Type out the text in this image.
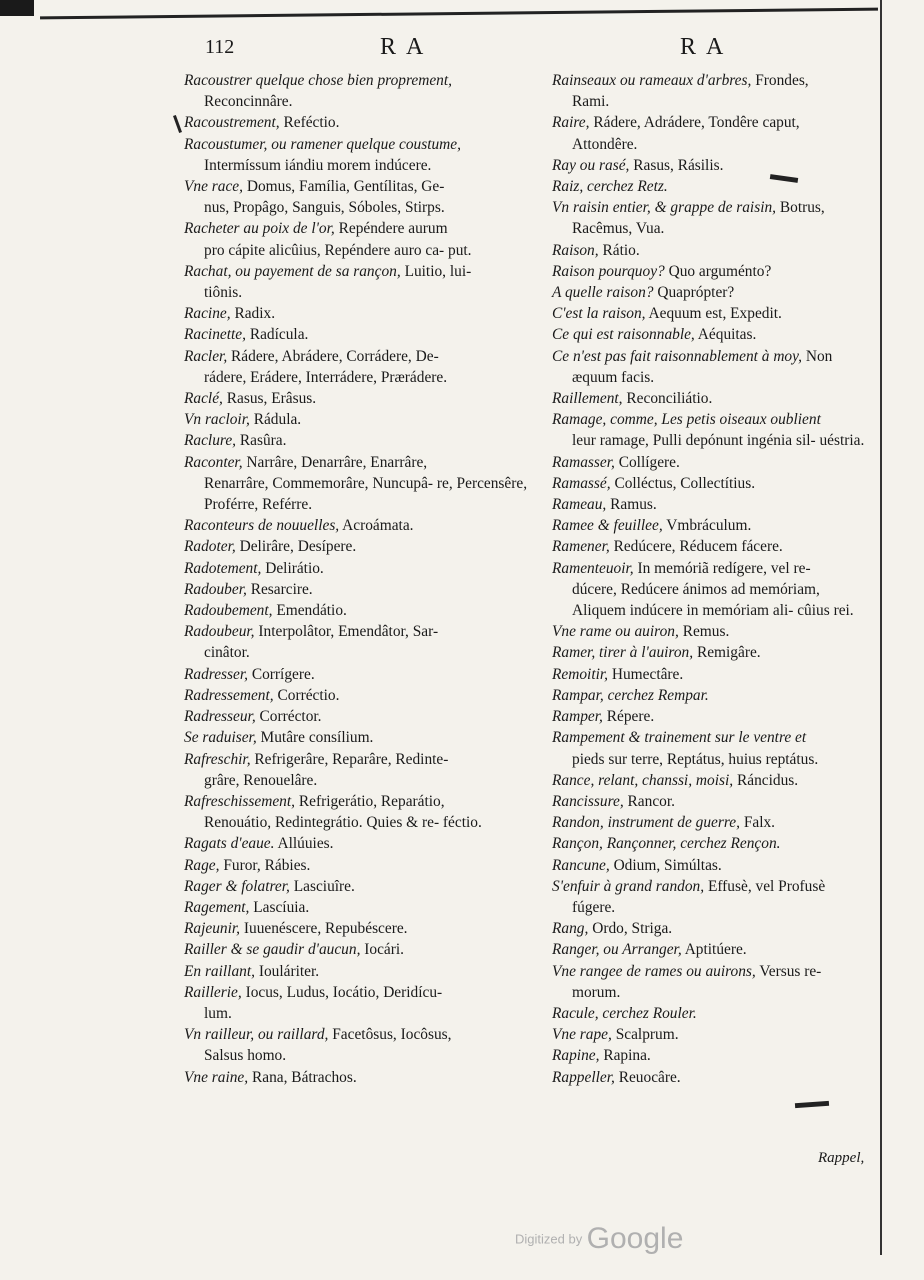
112	RA	RA

Racoustrer quelque chose bien proprement,
Reconcinnâre.

Racoustrement, Reféctio.

Racoustumer, ou ramener quelque coustume,
Intermíssum iándiu morem indúcere.

Vne race, Domus, Família, Gentílitas, Ge-
nus, Propâgo, Sanguis, Sóboles, Stirps.

Racheter au poix de l'or, Repéndere aurum
pro cápite alicûius, Repéndere auro ca- put.

Rachat, ou payement de sa rançon, Luitio, lui-
tiônis.

Racine, Radix.

Racinette, Radícula.

Racler, Rádere, Abrádere, Corrádere, De-
rádere, Erádere, Interrádere, Prærádere.

Raclé, Rasus, Erâsus.

Vn racloir, Rádula.

Raclure, Rasûra.

Raconter, Narrâre, Denarrâre, Enarrâre,
Renarrâre, Commemorâre, Nuncupâ- re, Percensêre, Proférre, Reférre.

Raconteurs de nouuelles, Acroámata.

Radoter, Delirâre, Desípere.

Radotement, Delirátio.

Radouber, Resarcire.

Radoubement, Emendátio.

Radoubeur, Interpolâtor, Emendâtor, Sar-
cinâtor.

Radresser, Corrígere.

Radressement, Corréctio.

Radresseur, Corréctor.

Se raduiser, Mutâre consílium.

Rafreschir, Refrigerâre, Reparâre, Redinte-
grâre, Renouelâre.

Rafreschissement, Refrigerátio, Reparátio,
Renouátio, Redintegrátio. Quies & re- féctio.

Ragats d'eaue. Allúuies.

Rage, Furor, Rábies.

Rager & folatrer, Lasciuîre.

Ragement, Lascíuia.

Rajeunir, Iuuenéscere, Repubéscere.

Railler & se gaudir d'aucun, Iocári.

En raillant, Iouláriter.

Raillerie, Iocus, Ludus, Iocátio, Deridícu-
lum.

Vn railleur, ou raillard, Facetôsus, Iocôsus,
Salsus homo.

Vne raine, Rana, Bátrachos.

Rainseaux ou rameaux d'arbres, Frondes,
Rami.

Raire, Rádere, Adrádere, Tondêre caput,
Attondêre.

Ray ou rasé, Rasus, Rásilis.

Raiz, cerchez Retz.

Vn raisin entier, & grappe de raisin, Botrus,
Racêmus, Vua.

Raison, Rátio.

Raison pourquoy? Quo arguménto?

A quelle raison? Quaprópter?

C'est la raison, Aequum est, Expedit.

Ce qui est raisonnable, Aéquitas.

Ce n'est pas fait raisonnablement à moy, Non
æquum facis.

Raillement, Reconciliátio.

Ramage, comme, Les petis oiseaux oublient
leur ramage, Pulli depónunt ingénia sil- uéstria.

Ramasser, Collígere.

Ramassé, Colléctus, Collectítius.

Rameau, Ramus.

Ramee & feuillee, Vmbráculum.

Ramener, Redúcere, Réducem fácere.

Ramenteuoir, In memóriã redígere, vel re-
dúcere, Redúcere ánimos ad memóriam, Aliquem indúcere in memóriam ali- cûius rei.

Vne rame ou auiron, Remus.

Ramer, tirer à l'auiron, Remigâre.

Remoitir, Humectâre.

Rampar, cerchez Rempar.

Ramper, Répere.

Rampement & trainement sur le ventre et
pieds sur terre, Reptátus, huius reptátus.

Rance, relant, chanssi, moisi, Ráncidus.

Rancissure, Rancor.

Randon, instrument de guerre, Falx.

Rançon, Rançonner, cerchez Rençon.

Rancune, Odium, Simúltas.

S'enfuir à grand randon, Effusè, vel Profusè
fúgere.

Rang, Ordo, Striga.

Ranger, ou Arranger, Aptitúere.

Vne rangee de rames ou auirons, Versus re-
morum.

Racule, cerchez Rouler.

Vne rape, Scalprum.

Rapine, Rapina.

Rappeller, Reuocâre.

Rappel,
Digitized by Google
